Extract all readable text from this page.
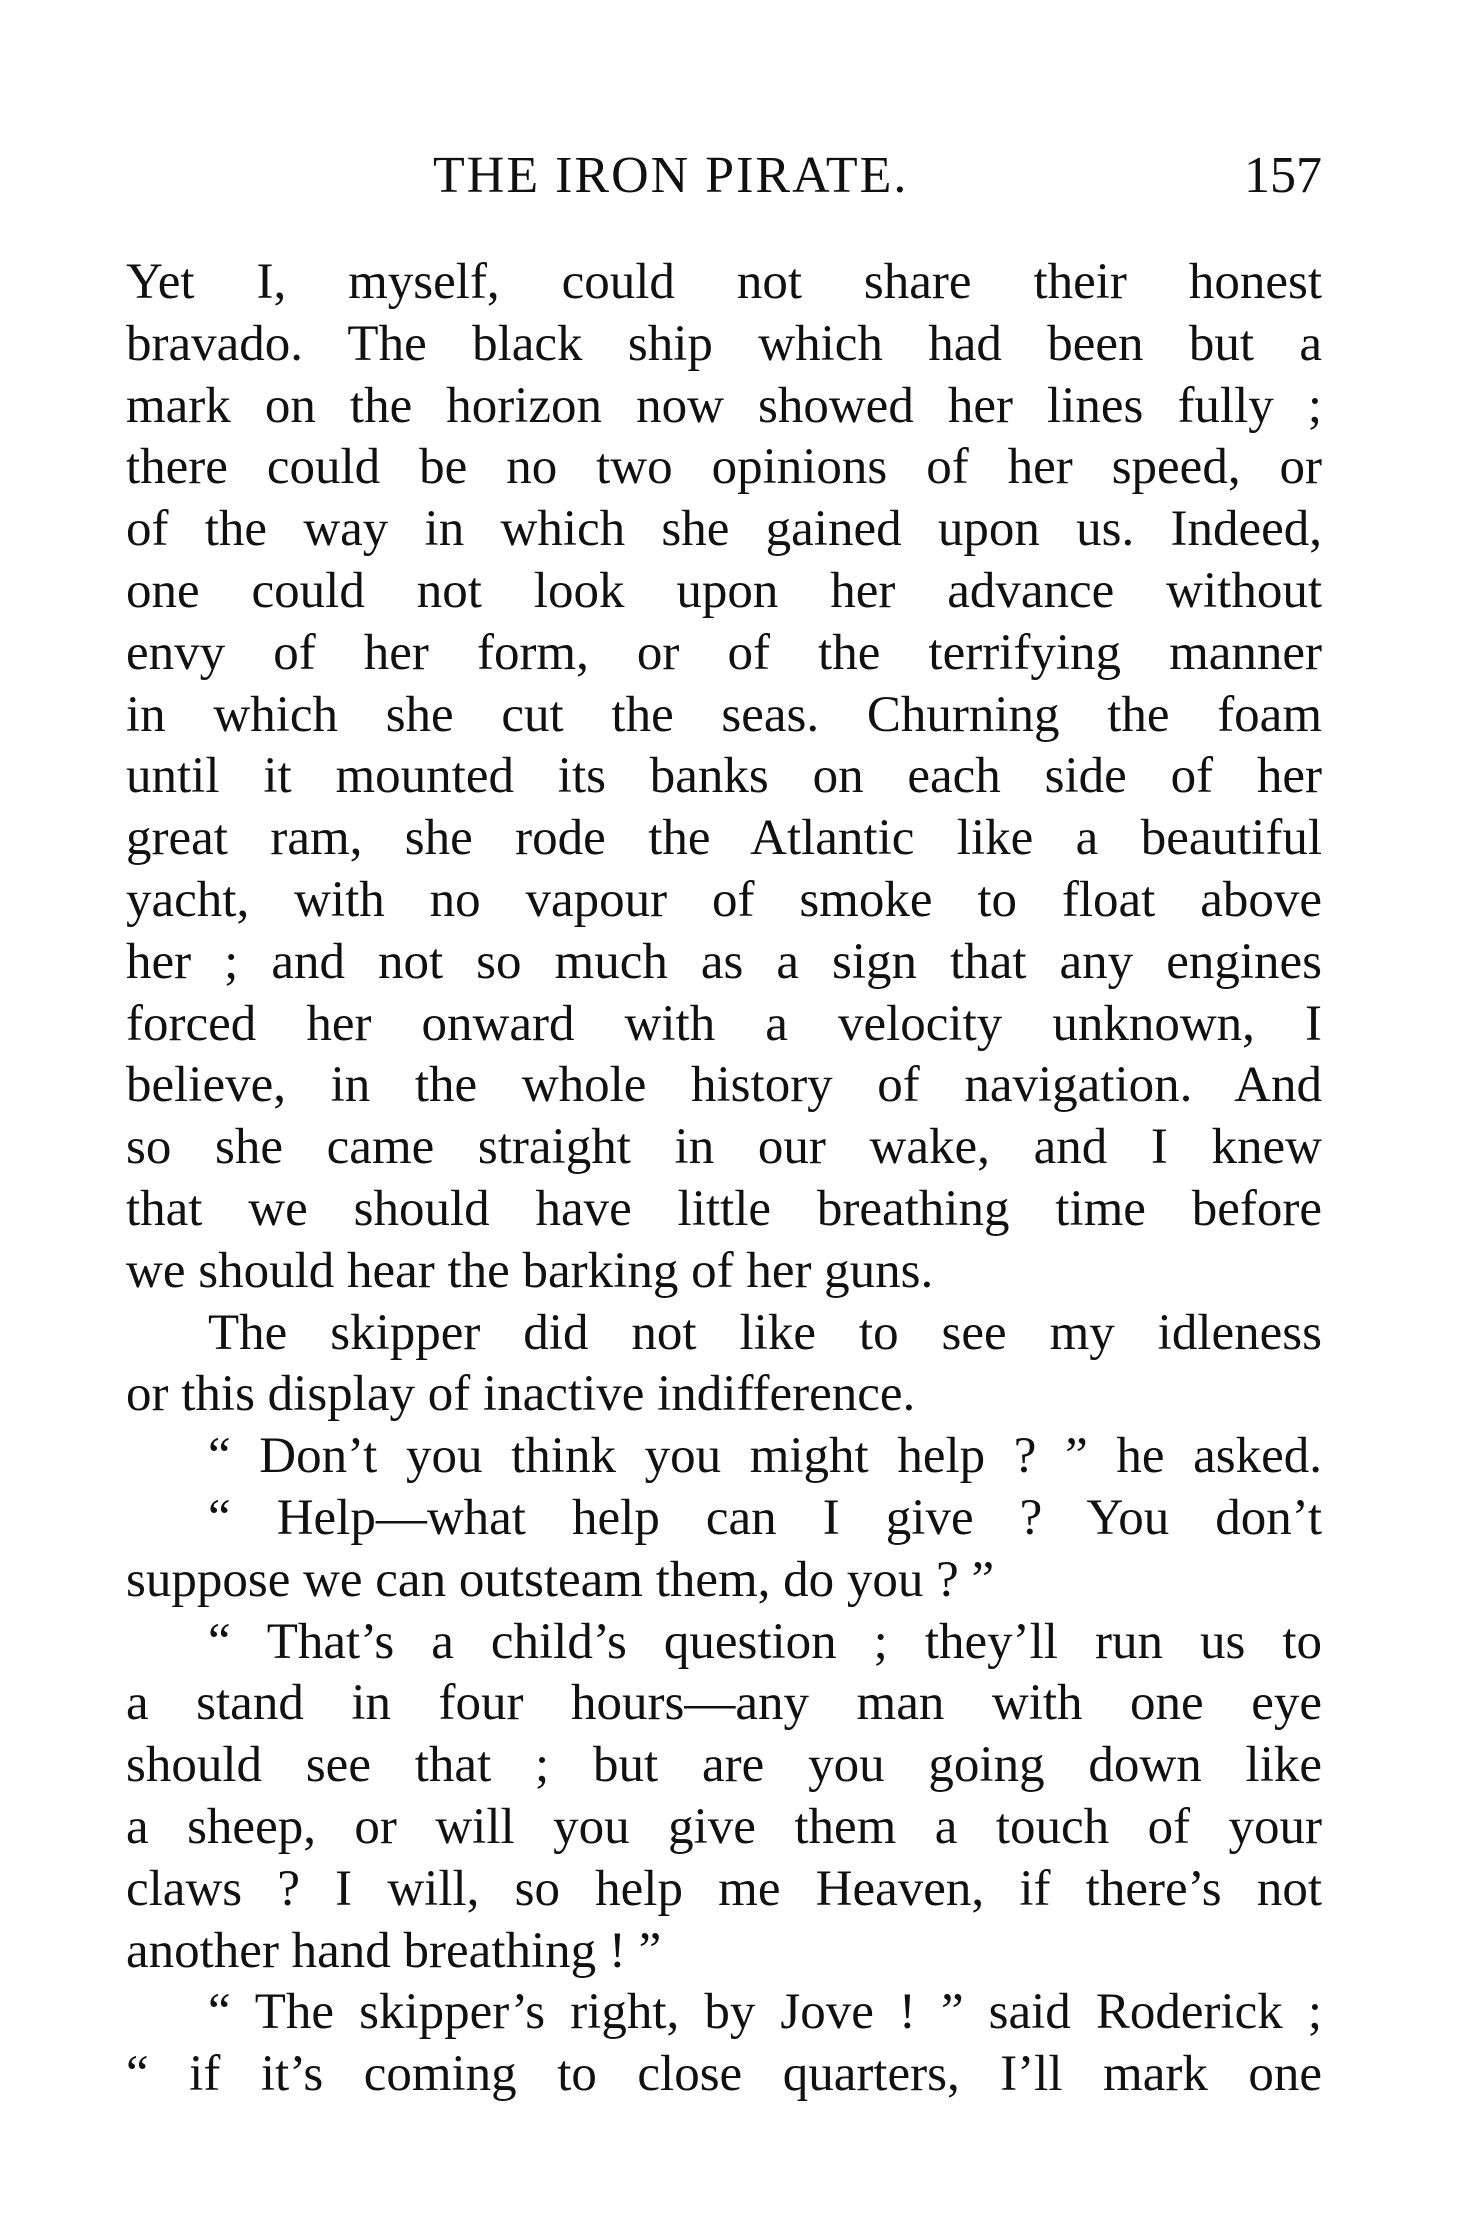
THE IRON PIRATE.	157
Yet I, myself, could not share their honest
bravado. The black ship which had been but a
mark on the horizon now showed her lines fully ;
there could be no two opinions of her speed, or
of the way in which she gained upon us. Indeed,
one could not look upon her advance without
envy of her form, or of the terrifying manner
in which she cut the seas. Churning the foam
until it mounted its banks on each side of her
great ram, she rode the Atlantic like a beautiful
yacht, with no vapour of smoke to float above
her ; and not so much as a sign that any engines
forced her onward with a velocity unknown, I
believe, in the whole history of navigation. And
so she came straight in our wake, and I knew
that we should have little breathing time before
we should hear the barking of her guns.
The skipper did not like to see my idleness
or this display of inactive indifference.
“ Don’t you think you might help ? ” he asked.
“ Help—what help can I give ? You don’t
suppose we can outsteam them, do you ? ”
“ That’s a child’s question ; they’ll run us to
a stand in four hours—any man with one eye
should see that ; but are you going down like
a sheep, or will you give them a touch of your
claws ? I will, so help me Heaven, if there’s not
another hand breathing ! ”
“ The skipper’s right, by Jove ! ” said Roderick ;
“ if it’s coming to close quarters, I’ll mark one
